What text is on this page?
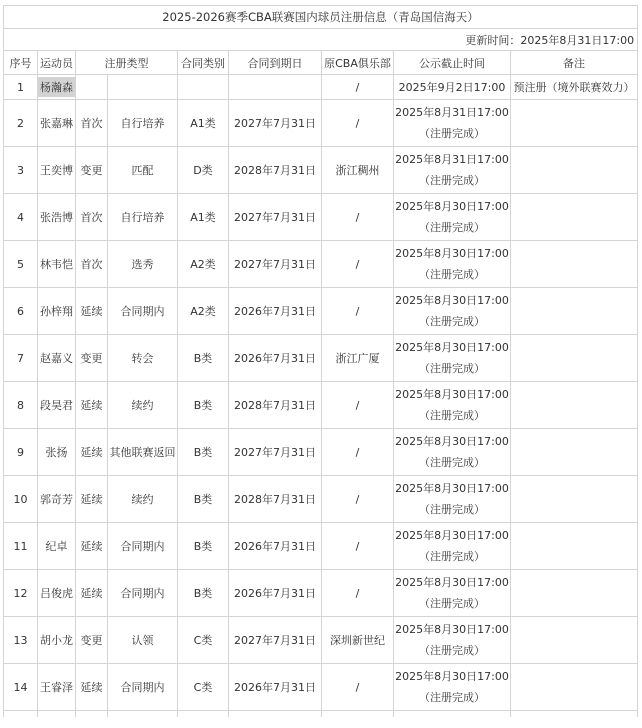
2025-2026赛季CBA联赛国内球员注册信息（青岛国信海天）								
更新时间：2025年8月31日17:00								
序号	运动员	注册类型		合同类别	合同到期日	原CBA俱乐部	公示截止时间	备注
1	杨瀚森					/	2025年9月2日17:00	预注册（境外联赛效力）
2	张嘉琳	首次	自行培养	A1类	2027年7月31日	/	2025年8月31日17:00
（注册完成）	

3	王奕博	变更	匹配	D类	2028年7月31日	浙江稠州	2025年8月31日17:00
（注册完成）	

4	张浩博	首次	自行培养	A1类	2027年7月31日	/	2025年8月30日17:00
（注册完成）	

5	林韦恺	首次	选秀	A2类	2027年7月31日	/	2025年8月30日17:00
（注册完成）	

6	孙梓翔	延续	合同期内	A2类	2026年7月31日	/	2025年8月30日17:00
（注册完成）	

7	赵嘉义	变更	转会	B类	2026年7月31日	浙江广厦	2025年8月30日17:00
（注册完成）	

8	段昊君	延续	续约	B类	2028年7月31日	/	2025年8月30日17:00
（注册完成）	

9	张扬	延续	其他联赛返回	B类	2027年7月31日	/	2025年8月30日17:00
（注册完成）	

10	郭奇芳	延续	续约	B类	2028年7月31日	/	2025年8月30日17:00
（注册完成）	

11	纪卓	延续	合同期内	B类	2026年7月31日	/	2025年8月30日17:00
（注册完成）	

12	吕俊虎	延续	合同期内	B类	2026年7月31日	/	2025年8月30日17:00
（注册完成）	

13	胡小龙	变更	认领	C类	2027年7月31日	深圳新世纪	2025年8月30日17:00
（注册完成）	

14	王睿泽	延续	合同期内	C类	2026年7月31日	/	2025年8月30日17:00
（注册完成）	
